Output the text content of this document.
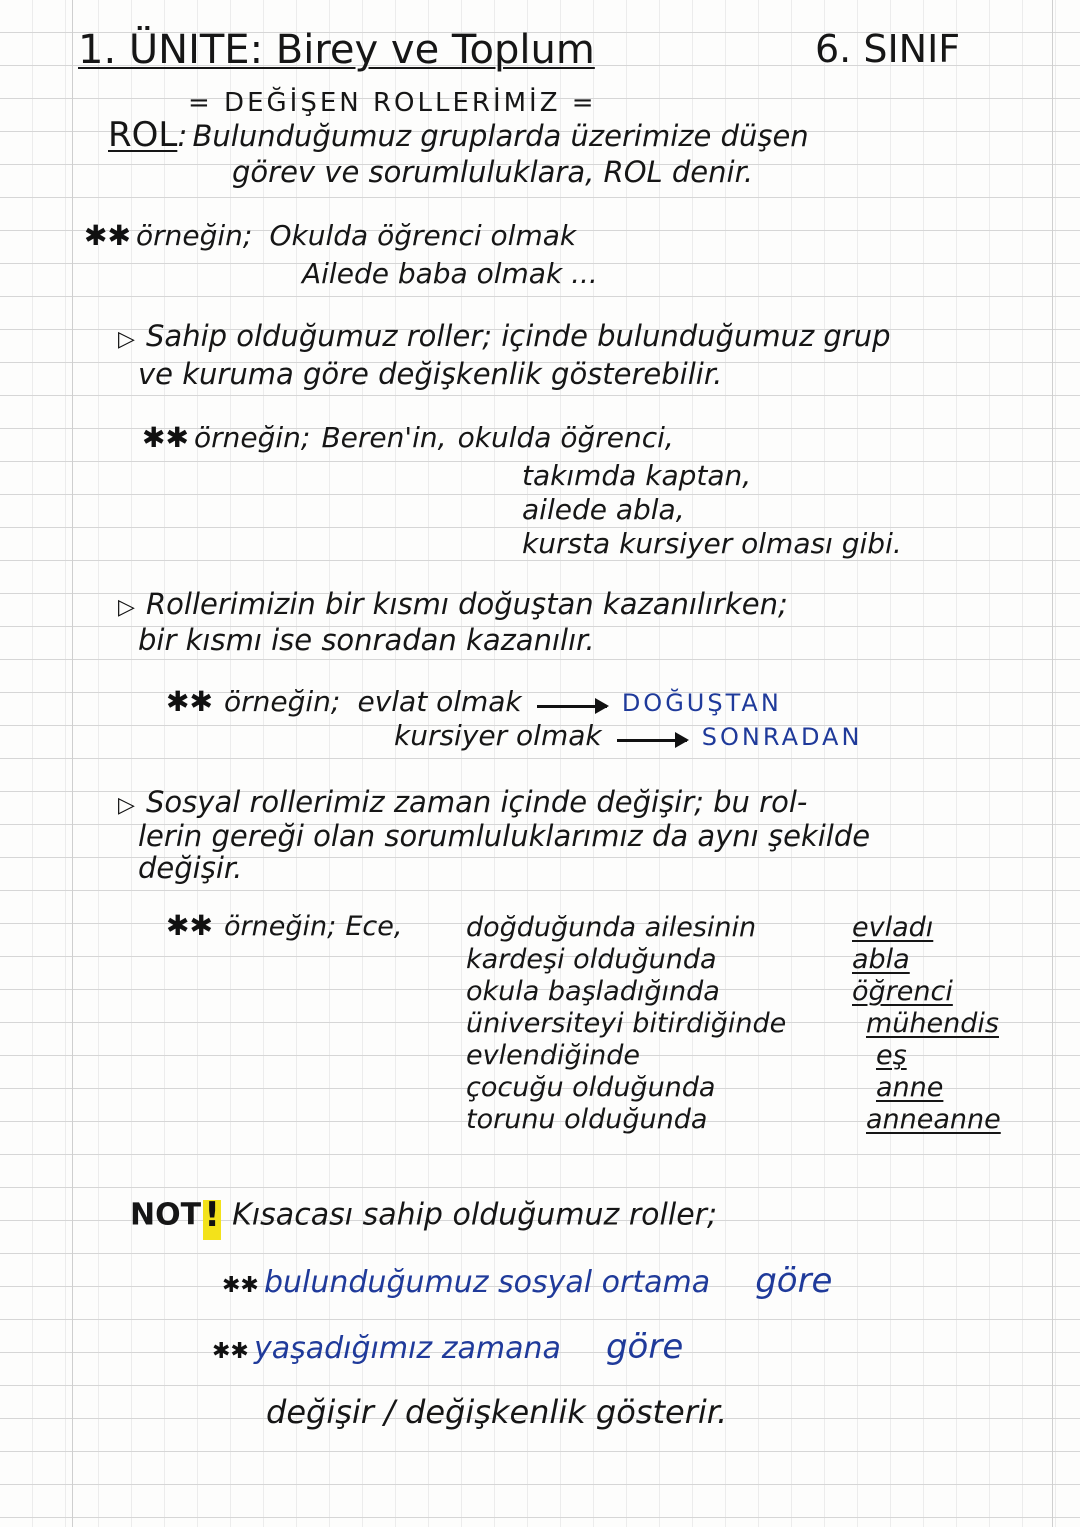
1. ÜNITE: Birey ve Toplum	6. SINIF
= DEĞİŞEN ROLLERİMİZ =
ROL: Bulunduğumuz gruplarda üzerimize düşen
görev ve sorumluluklara, ROL denir.
✱✱ örneğin; Okulda öğrenci olmak
Ailede baba olmak ...
▷ Sahip olduğumuz roller; içinde bulunduğumuz grup
ve kuruma göre değişkenlik gösterebilir.
✱✱ örneğin; Beren'in, okulda öğrenci,
takımda kaptan,
ailede abla,
kursta kursiyer olması gibi.
▷ Rollerimizin bir kısmı doğuştan kazanılırken;
bir kısmı ise sonradan kazanılır.
✱✱ örneğin; evlat olmak	DOĞUŞTAN
kursiyer olmak	SONRADAN
▷ Sosyal rollerimiz zaman içinde değişir; bu rol-
lerin gereği olan sorumluluklarımız da aynı şekilde
değişir.
✱✱ örneğin; Ece, doğduğunda ailesinin	evladı
kardeşi olduğunda	abla
okula başladığında	öğrenci
üniversiteyi bitirdiğinde	mühendis
evlendiğinde	eş
çocuğu olduğunda	anne
torunu olduğunda	anneanne
NOT! Kısacası sahip olduğumuz roller;
✱✱ bulunduğumuz sosyal ortama göre
✱✱ yaşadığımız zamana göre
değişir / değişkenlik gösterir.
